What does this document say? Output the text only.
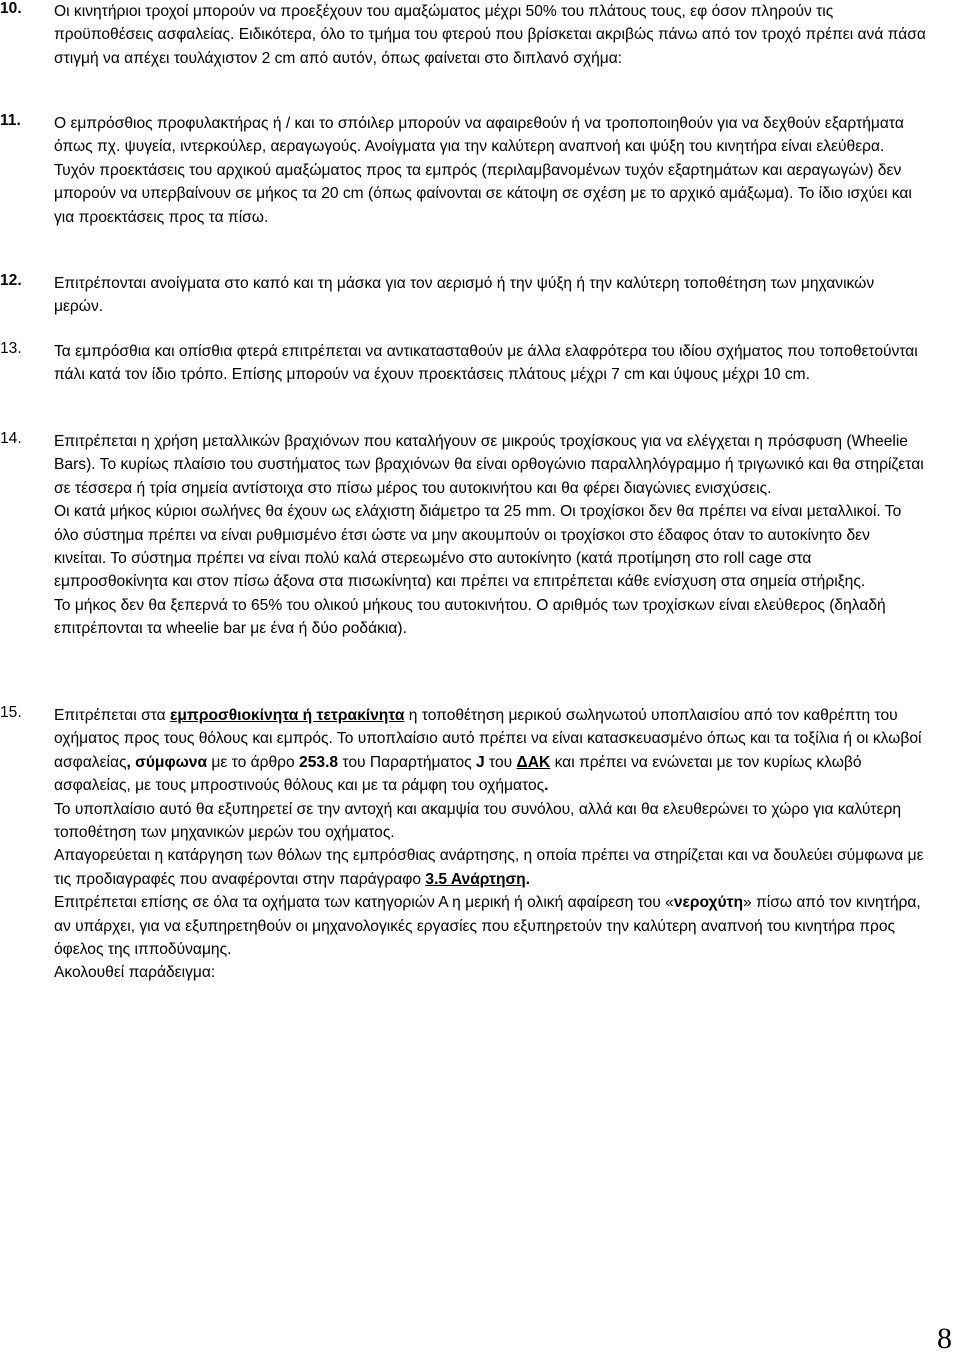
10. Οι κινητήριοι τροχοί μπορούν να προεξέχουν του αμαξώματος μέχρι 50% του πλάτους τους, εφ όσον πληρούν τις προϋποθέσεις ασφαλείας. Ειδικότερα, όλο το τμήμα του φτερού που βρίσκεται ακριβώς πάνω από τον τροχό πρέπει ανά πάσα στιγμή να απέχει τουλάχιστον 2 cm από αυτόν, όπως φαίνεται στο διπλανό σχήμα:

11. Ο εμπρόσθιος προφυλακτήρας ή / και το σπόιλερ μπορούν να αφαιρεθούν ή να τροποποιηθούν για να δεχθούν εξαρτήματα όπως πχ. ψυγεία, ιντερκούλερ, αεραγωγούς. Ανοίγματα για την καλύτερη αναπνοή και ψύξη του κινητήρα είναι ελεύθερα. Τυχόν προεκτάσεις του αρχικού αμαξώματος προς τα εμπρός (περιλαμβανομένων τυχόν εξαρτημάτων και αεραγωγών) δεν μπορούν να υπερβαίνουν σε μήκος τα 20 cm (όπως φαίνονται σε κάτοψη σε σχέση με το αρχικό αμάξωμα). Το ίδιο ισχύει και για προεκτάσεις προς τα πίσω.

12. Επιτρέπονται ανοίγματα στο καπό και τη μάσκα για τον αερισμό ή την ψύξη ή την καλύτερη τοποθέτηση των μηχανικών μερών.

13. Τα εμπρόσθια και οπίσθια φτερά επιτρέπεται να αντικατασταθούν με άλλα ελαφρότερα του ιδίου σχήματος που τοποθετούνται πάλι κατά τον ίδιο τρόπο. Επίσης μπορούν να έχουν προεκτάσεις πλάτους μέχρι 7 cm και ύψους μέχρι 10 cm.

14. Επιτρέπεται η χρήση μεταλλικών βραχιόνων που καταλήγουν σε μικρούς τροχίσκους για να ελέγχεται η πρόσφυση (Wheelie Bars). Το κυρίως πλαίσιο του συστήματος των βραχιόνων θα είναι ορθογώνιο παραλληλόγραμμο ή τριγωνικό και θα στηρίζεται σε τέσσερα ή τρία σημεία αντίστοιχα στο πίσω μέρος του αυτοκινήτου και θα φέρει διαγώνιες ενισχύσεις.

Οι κατά μήκος κύριοι σωλήνες θα έχουν ως ελάχιστη διάμετρο τα 25 mm. Οι τροχίσκοι δεν θα πρέπει να είναι μεταλλικοί. Το όλο σύστημα πρέπει να είναι ρυθμισμένο έτσι ώστε να μην ακουμπούν οι τροχίσκοι στο έδαφος όταν το αυτοκίνητο δεν κινείται. Το σύστημα πρέπει να είναι πολύ καλά στερεωμένο στο αυτοκίνητο (κατά προτίμηση στο roll cage στα εμπροσθοκίνητα και στον πίσω άξονα στα πισωκίνητα) και πρέπει να επιτρέπεται κάθε ενίσχυση στα σημεία στήριξης.

Το μήκος δεν θα ξεπερνά το 65% του ολικού μήκους του αυτοκινήτου. Ο αριθμός των τροχίσκων είναι ελεύθερος (δηλαδή επιτρέπονται τα wheelie bar με ένα ή δύο ροδάκια).

15. Επιτρέπεται στα εμπροσθιοκίνητα ή τετρακίνητα η τοποθέτηση μερικού σωληνωτού υποπλαισίου από τον καθρέπτη του οχήματος προς τους θόλους και εμπρός. Το υποπλαίσιο αυτό πρέπει να είναι κατασκευασμένο όπως και τα τοξίλια ή οι κλωβοί ασφαλείας, σύμφωνα με το άρθρο 253.8 του Παραρτήματος J του ΔΑΚ και πρέπει να ενώνεται με τον κυρίως κλωβό ασφαλείας, με τους μπροστινούς θόλους και με τα ράμφη του οχήματος.

Το υποπλαίσιο αυτό θα εξυπηρετεί σε την αντοχή και ακαμψία του συνόλου, αλλά και θα ελευθερώνει το χώρο για καλύτερη τοποθέτηση των μηχανικών μερών του οχήματος.

Απαγορεύεται η κατάργηση των θόλων της εμπρόσθιας ανάρτησης, η οποία πρέπει να στηρίζεται και να δουλεύει σύμφωνα με τις προδιαγραφές που αναφέρονται στην παράγραφο 3.5 Ανάρτηση.

Επιτρέπεται επίσης σε όλα τα οχήματα των κατηγοριών Α η μερική ή ολική αφαίρεση του «νεροχύτη» πίσω από τον κινητήρα, αν υπάρχει, για να εξυπηρετηθούν οι μηχανολογικές εργασίες που εξυπηρετούν την καλύτερη αναπνοή του κινητήρα προς όφελος της ιπποδύναμης.

Ακολουθεί παράδειγμα:

8
